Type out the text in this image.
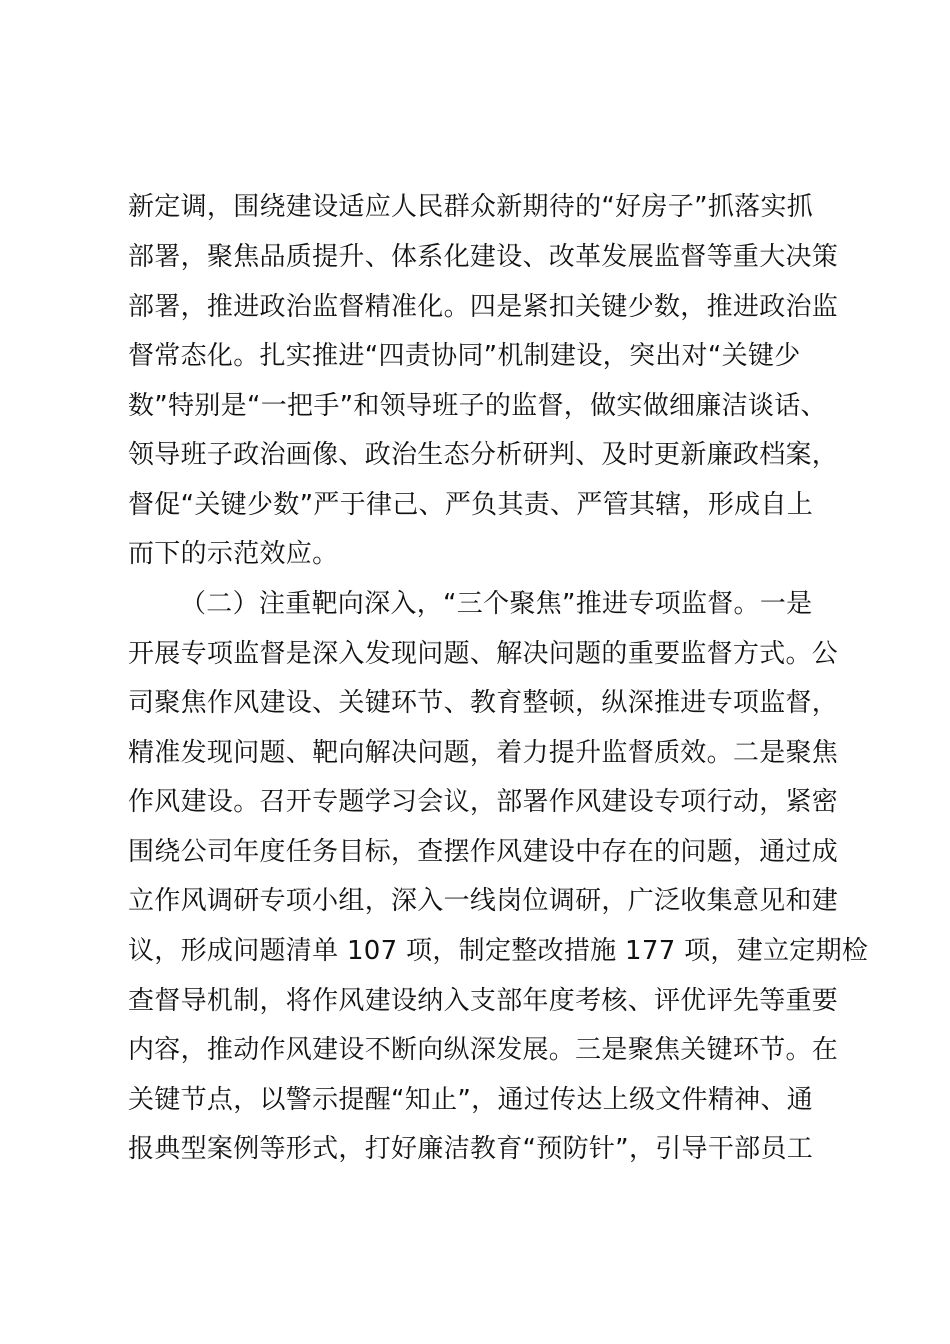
新定调，围绕建设适应人民群众新期待的“好房子”抓落实抓
部署，聚焦品质提升、体系化建设、改革发展监督等重大决策
部署，推进政治监督精准化。四是紧扣关键少数，推进政治监
督常态化。扎实推进“四责协同”机制建设，突出对“关键少
数”特别是“一把手”和领导班子的监督，做实做细廉洁谈话、
领导班子政治画像、政治生态分析研判、及时更新廉政档案，
督促“关键少数”严于律己、严负其责、严管其辖，形成自上
而下的示范效应。
（二）注重靶向深入，“三个聚焦”推进专项监督。一是
开展专项监督是深入发现问题、解决问题的重要监督方式。公
司聚焦作风建设、关键环节、教育整顿，纵深推进专项监督，
精准发现问题、靶向解决问题，着力提升监督质效。二是聚焦
作风建设。召开专题学习会议，部署作风建设专项行动，紧密
围绕公司年度任务目标，查摆作风建设中存在的问题，通过成
立作风调研专项小组，深入一线岗位调研，广泛收集意见和建
议，形成问题清单 107 项，制定整改措施 177 项，建立定期检
查督导机制，将作风建设纳入支部年度考核、评优评先等重要
内容，推动作风建设不断向纵深发展。三是聚焦关键环节。在
关键节点，以警示提醒“知止”，通过传达上级文件精神、通
报典型案例等形式，打好廉洁教育“预防针”，引导干部员工
